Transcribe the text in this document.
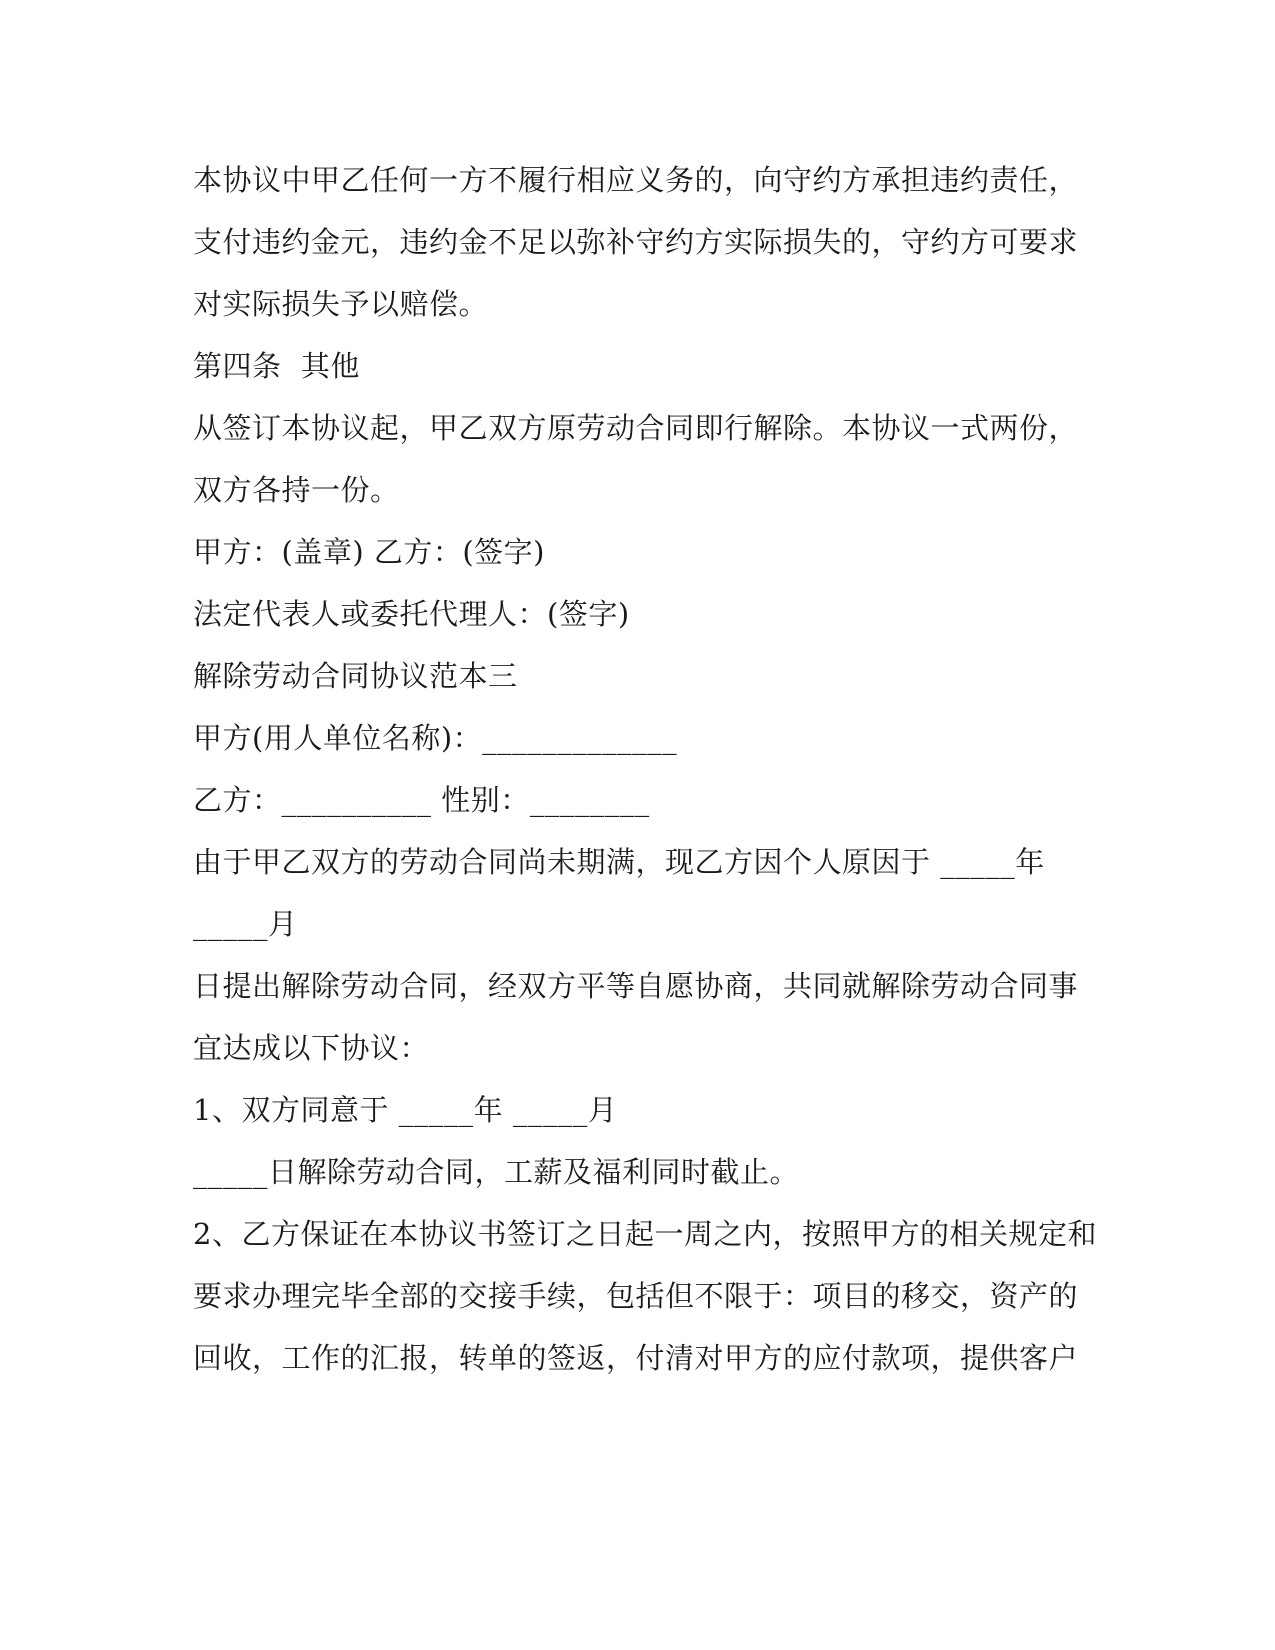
本协议中甲乙任何一方不履行相应义务的，向守约方承担违约责任，
支付违约金元，违约金不足以弥补守约方实际损失的，守约方可要求
对实际损失予以赔偿。
第四条  其他
从签订本协议起，甲乙双方原劳动合同即行解除。本协议一式两份，
双方各持一份。
甲方：(盖章) 乙方：(签字)
法定代表人或委托代理人：(签字)
解除劳动合同协议范本三
甲方(用人单位名称)：_____________
乙方：__________ 性别：________
由于甲乙双方的劳动合同尚未期满，现乙方因个人原因于 _____年
_____月
日提出解除劳动合同，经双方平等自愿协商，共同就解除劳动合同事
宜达成以下协议：
1、双方同意于 _____年 _____月
_____日解除劳动合同，工薪及福利同时截止。
2、乙方保证在本协议书签订之日起一周之内，按照甲方的相关规定和
要求办理完毕全部的交接手续，包括但不限于：项目的移交，资产的
回收，工作的汇报，转单的签返，付清对甲方的应付款项，提供客户
